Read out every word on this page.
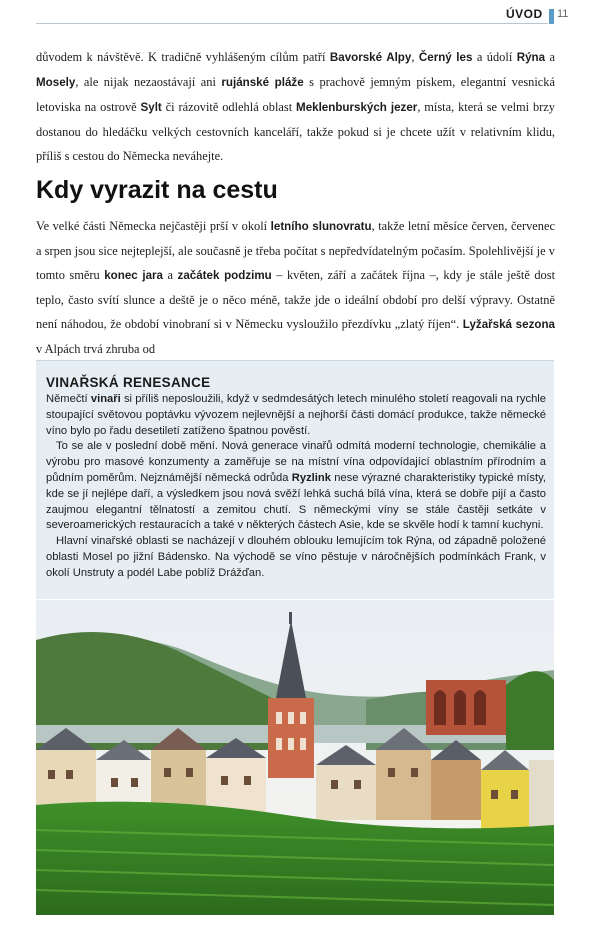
ÚVOD 11

důvodem k návštěvě. K tradičně vyhlášeným cílům patří Bavorské Alpy, Černý les a údolí Rýna a Mosely, ale nijak nezaostávají ani rujánské pláže s prachově jemným pískem, elegantní vesnická letoviska na ostrově Sylt či rázovitě odlehlá oblast Meklenburských jezer, místa, která se velmi brzy dostanou do hledáčku velkých cestovních kanceláří, takže pokud si je chcete užít v relativním klidu, příliš s cestou do Německa neváhejte.

Kdy vyrazit na cestu

Ve velké části Německa nejčastěji prší v okolí letního slunovratu, takže letní měsíce červen, červenec a srpen jsou sice nejteplejší, ale současně je třeba počítat s nepředvídatelným počasím. Spolehlivější je v tomto směru konec jara a začátek podzimu – květen, září a začátek října –, kdy je stále ještě dost teplo, často svítí slunce a deště je o něco méně, takže jde o ideální období pro delší výpravy. Ostatně není náhodou, že období vinobraní si v Německu vysloužilo přezdívku „zlatý říjen“. Lyžařská sezona v Alpách trvá zhruba od

VINAŘSKÁ RENESANCE

Němečtí vinaři si příliš neposloužili, když v sedmdesátých letech minulého století reagovali na rychle stoupající světovou poptávku vývozem nejlevnější a nejhorší části domácí produkce, takže německé víno bylo po řadu desetiletí zatíženo špatnou pověstí.

To se ale v poslední době mění. Nová generace vinařů odmítá moderní technologie, chemikálie a výrobu pro masové konzumenty a zaměřuje se na místní vína odpovídající oblastním přírodním a půdním poměrům. Nejznámější německá odrůda Ryzlink nese výrazné charakteristiky typické místy, kde se jí nejlépe daří, a výsledkem jsou nová svěží lehká suchá bílá vína, která se dobře pijí a často zaujmou elegantní tělnatostí a zemitou chutí. S německými víny se stále častěji setkáte v severoamerických restauracích a také v některých částech Asie, kde se skvěle hodí k tamní kuchyni.

Hlavní vinařské oblasti se nacházejí v dlouhém oblouku lemujícím tok Rýna, od západně položené oblasti Mosel po jižní Bádensko. Na východě se víno pěstuje v náročnějších podmínkách Frank, v okolí Unstruty a podél Labe poblíž Drážďan.
